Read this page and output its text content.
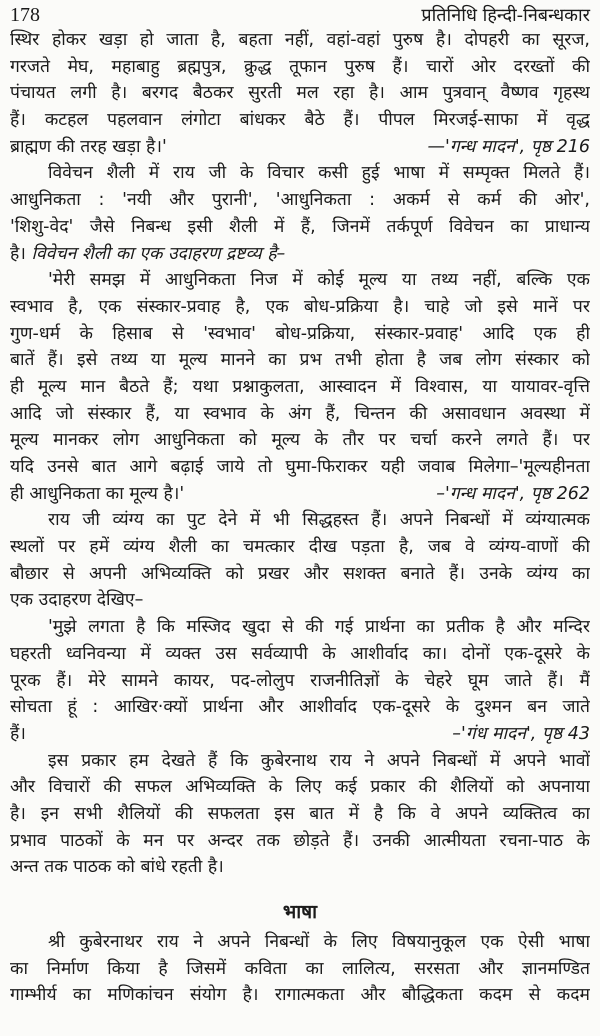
178	प्रतिनिधि हिन्दी-निबन्धकार
स्थिर होकर खड़ा हो जाता है, बहता नहीं, वहां-वहां पुरुष है। दोपहरी का सूरज,
गरजते मेघ, महाबाहु ब्रह्मपुत्र, क्रुद्ध तूफान पुरुष हैं। चारों ओर दरख्तों की
पंचायत लगी है। बरगद बैठकर सुरती मल रहा है। आम पुत्रवान् वैष्णव गृहस्थ
हैं। कटहल पहलवान लंगोटा बांधकर बैठे हैं। पीपल मिरजई-साफा में वृद्ध
ब्राह्मण की तरह खड़ा है।'	—'गन्ध मादन', पृष्ठ 216
विवेचन शैली में राय जी के विचार कसी हुई भाषा में सम्पृक्त मिलते हैं।
आधुनिकता : 'नयी और पुरानी', 'आधुनिकता : अकर्म से कर्म की ओर',
'शिशु-वेद' जैसे निबन्ध इसी शैली में हैं, जिनमें तर्कपूर्ण विवेचन का प्राधान्य
है। विवेचन शैली का एक उदाहरण द्रष्टव्य है–
'मेरी समझ में आधुनिकता निज में कोई मूल्य या तथ्य नहीं, बल्कि एक
स्वभाव है, एक संस्कार-प्रवाह है, एक बोध-प्रक्रिया है। चाहे जो इसे मानें पर
गुण-धर्म के हिसाब से 'स्वभाव' बोध-प्रक्रिया, संस्कार-प्रवाह' आदि एक ही
बातें हैं। इसे तथ्य या मूल्य मानने का प्रभ तभी होता है जब लोग संस्कार को
ही मूल्य मान बैठते हैं; यथा प्रश्नाकुलता, आस्वादन में विश्वास, या यायावर-वृत्ति
आदि जो संस्कार हैं, या स्वभाव के अंग हैं, चिन्तन की असावधान अवस्था में
मूल्य मानकर लोग आधुनिकता को मूल्य के तौर पर चर्चा करने लगते हैं। पर
यदि उनसे बात आगे बढ़ाई जाये तो घुमा-फिराकर यही जवाब मिलेगा–'मूल्यहीनता
ही आधुनिकता का मूल्य है।'	–'गन्ध मादन', पृष्ठ 262
राय जी व्यंग्य का पुट देने में भी सिद्धहस्त हैं। अपने निबन्धों में व्यंग्यात्मक
स्थलों पर हमें व्यंग्य शैली का चमत्कार दीख पड़ता है, जब वे व्यंग्य-वाणों की
बौछार से अपनी अभिव्यक्ति को प्रखर और सशक्त बनाते हैं। उनके व्यंग्य का
एक उदाहरण देखिए–
'मुझे लगता है कि मस्जिद खुदा से की गई प्रार्थना का प्रतीक है और मन्दिर
घहरती ध्वनिवन्या में व्यक्त उस सर्वव्यापी के आशीर्वाद का। दोनों एक-दूसरे के
पूरक हैं। मेरे सामने कायर, पद-लोलुप राजनीतिज्ञों के चेहरे घूम जाते हैं। मैं
सोचता हूं : आखिर·क्यों प्रार्थना और आशीर्वाद एक-दूसरे के दुश्मन बन जाते
हैं।	–'गंध मादन', पृष्ठ 43
इस प्रकार हम देखते हैं कि कुबेरनाथ राय ने अपने निबन्धों में अपने भावों
और विचारों की सफल अभिव्यक्ति के लिए कई प्रकार की शैलियों को अपनाया
है। इन सभी शैलियों की सफलता इस बात में है कि वे अपने व्यक्तित्व का
प्रभाव पाठकों के मन पर अन्दर तक छोड़ते हैं। उनकी आत्मीयता रचना-पाठ के
अन्त तक पाठक को बांधे रहती है।
भाषा
श्री कुबेरनाथर राय ने अपने निबन्धों के लिए विषयानुकूल एक ऐसी भाषा
का निर्माण किया है जिसमें कविता का लालित्य, सरसता और ज्ञानमण्डित
गाम्भीर्य का मणिकांचन संयोग है। रागात्मकता और बौद्धिकता कदम से कदम
